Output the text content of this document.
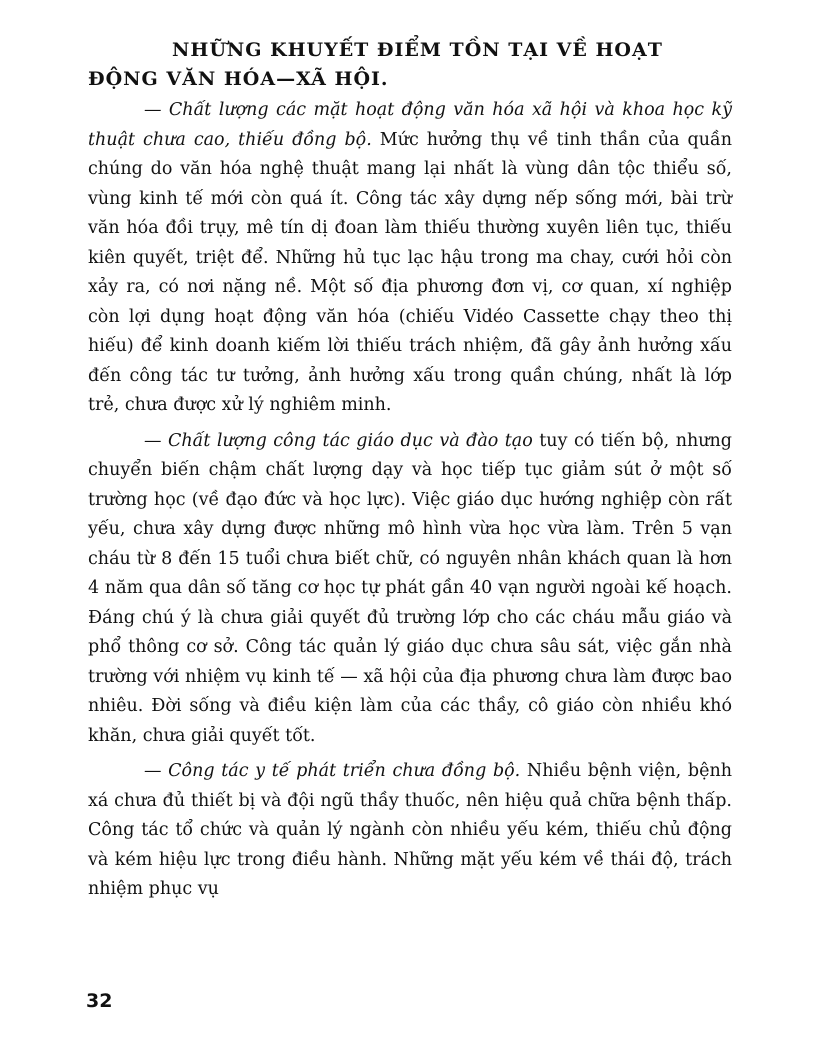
NHỮNG KHUYẾT ĐIỂM TỒN TẠI VỀ HOẠT
ĐỘNG VĂN HÓA—XÃ HỘI.

— Chất lượng các mặt hoạt động văn hóa xã hội và khoa học kỹ thuật chưa cao, thiếu đồng bộ. Mức hưởng thụ về tinh thần của quần chúng do văn hóa nghệ thuật mang lại nhất là vùng dân tộc thiểu số, vùng kinh tế mới còn quá ít. Công tác xây dựng nếp sống mới, bài trừ văn hóa đồi trụy, mê tín dị đoan làm thiếu thường xuyên liên tục, thiếu kiên quyết, triệt để. Những hủ tục lạc hậu trong ma chay, cưới hỏi còn xảy ra, có nơi nặng nề. Một số địa phương đơn vị, cơ quan, xí nghiệp còn lợi dụng hoạt động văn hóa (chiếu Vidéo Cassette chạy theo thị hiếu) để kinh doanh kiếm lời thiếu trách nhiệm, đã gây ảnh hưởng xấu đến công tác tư tưởng, ảnh hưởng xấu trong quần chúng, nhất là lớp trẻ, chưa được xử lý nghiêm minh.

— Chất lượng công tác giáo dục và đào tạo tuy có tiến bộ, nhưng chuyển biến chậm chất lượng dạy và học tiếp tục giảm sút ở một số trường học (về đạo đức và học lực). Việc giáo dục hướng nghiệp còn rất yếu, chưa xây dựng được những mô hình vừa học vừa làm. Trên 5 vạn cháu từ 8 đến 15 tuổi chưa biết chữ, có nguyên nhân khách quan là hơn 4 năm qua dân số tăng cơ học tự phát gần 40 vạn người ngoài kế hoạch. Đáng chú ý là chưa giải quyết đủ trường lớp cho các cháu mẫu giáo và phổ thông cơ sở. Công tác quản lý giáo dục chưa sâu sát, việc gắn nhà trường với nhiệm vụ kinh tế — xã hội của địa phương chưa làm được bao nhiêu. Đời sống và điều kiện làm của các thầy, cô giáo còn nhiều khó khăn, chưa giải quyết tốt.

— Công tác y tế phát triển chưa đồng bộ. Nhiều bệnh viện, bệnh xá chưa đủ thiết bị và đội ngũ thầy thuốc, nên hiệu quả chữa bệnh thấp. Công tác tổ chức và quản lý ngành còn nhiều yếu kém, thiếu chủ động và kém hiệu lực trong điều hành. Những mặt yếu kém về thái độ, trách nhiệm phục vụ

32
